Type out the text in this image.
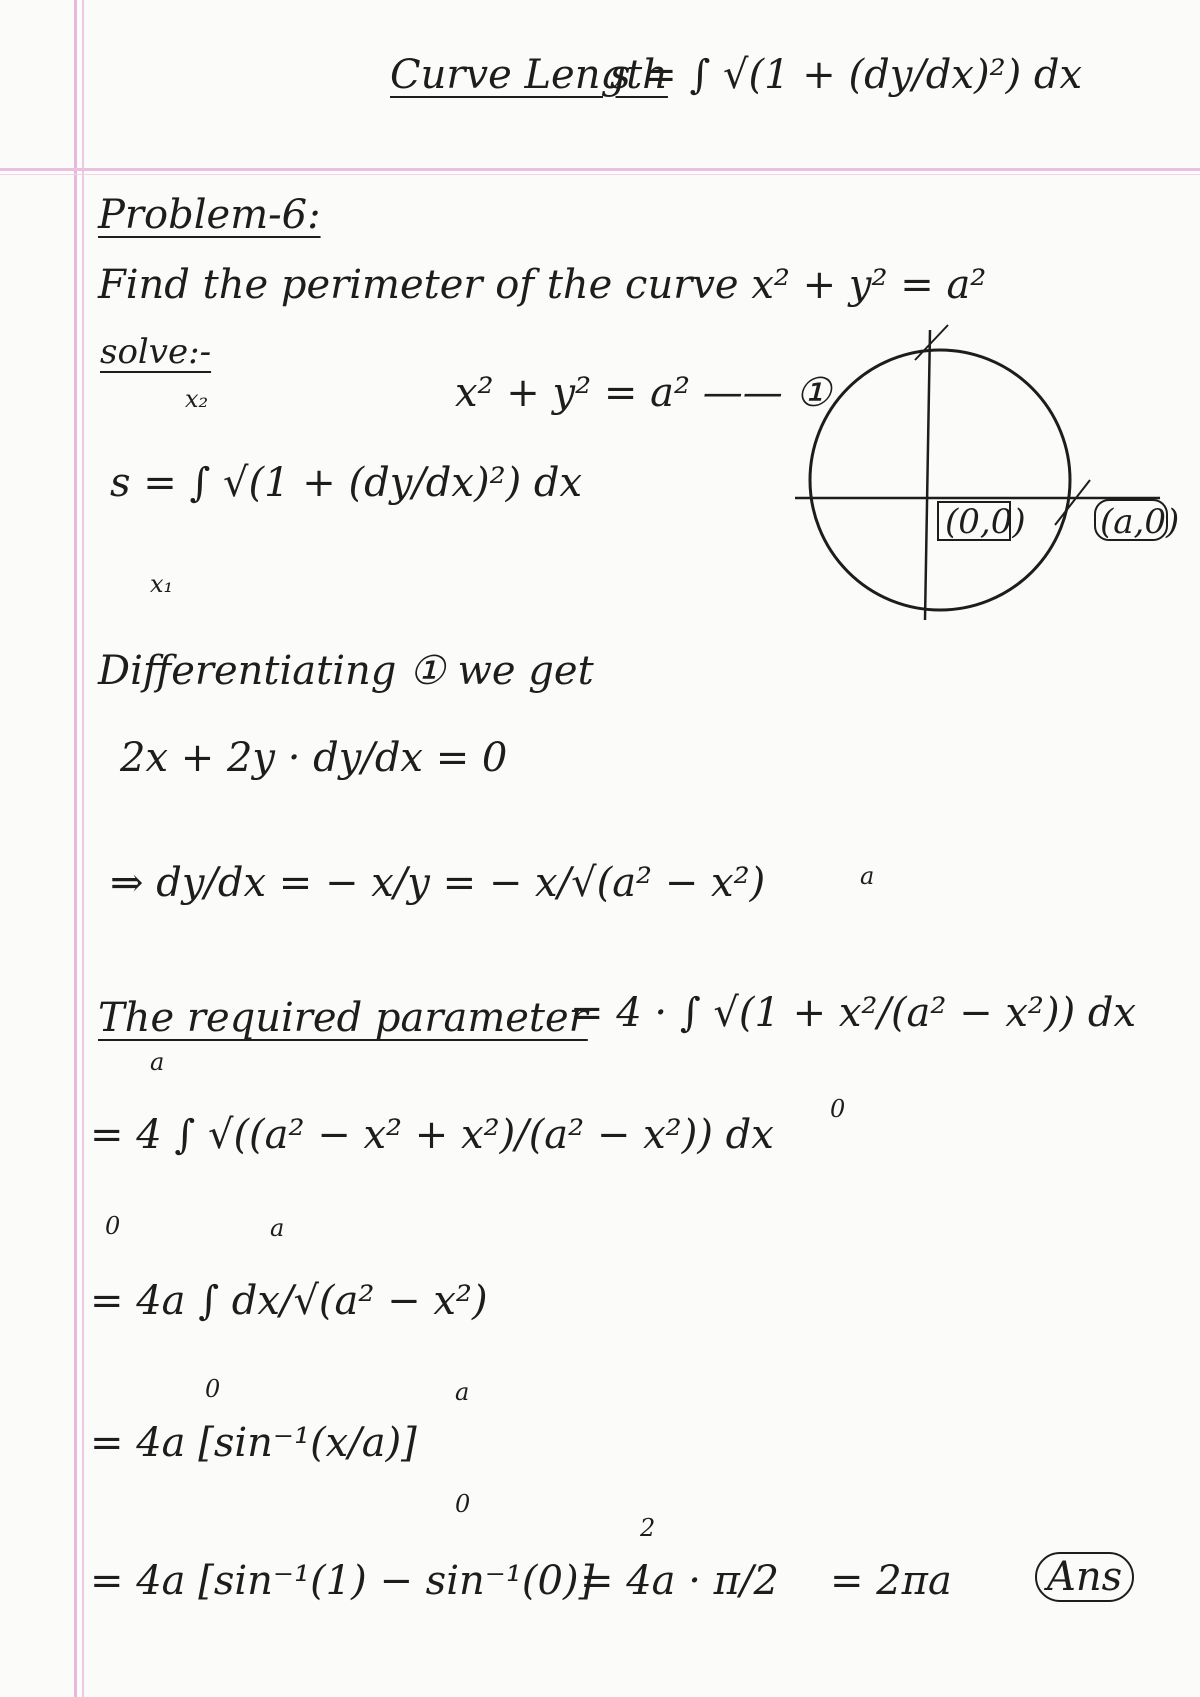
Curve Length
s = ∫ √(1 + (dy/dx)²) dx
Problem-6:
Find the perimeter of the curve x² + y² = a²
solve:-
x² + y² = a² —— ①
x₂
s = ∫ √(1 + (dy/dx)²) dx
x₁
(0,0) (a,0)
Differentiating ① we get
2x + 2y · dy/dx = 0
⇒ dy/dx = − x/y = − x/√(a² − x²)	a
The required parameter
= 4 · ∫ √(1 + x²/(a² − x²)) dx
0
a
= 4 ∫ √((a² − x² + x²)/(a² − x²)) dx
0	a
= 4a ∫ dx/√(a² − x²)
0
= 4a [sin⁻¹(x/a)]
a
0
= 4a [sin⁻¹(1) − sin⁻¹(0)]
2
= 4a · π/2 = 2πa	Ans
